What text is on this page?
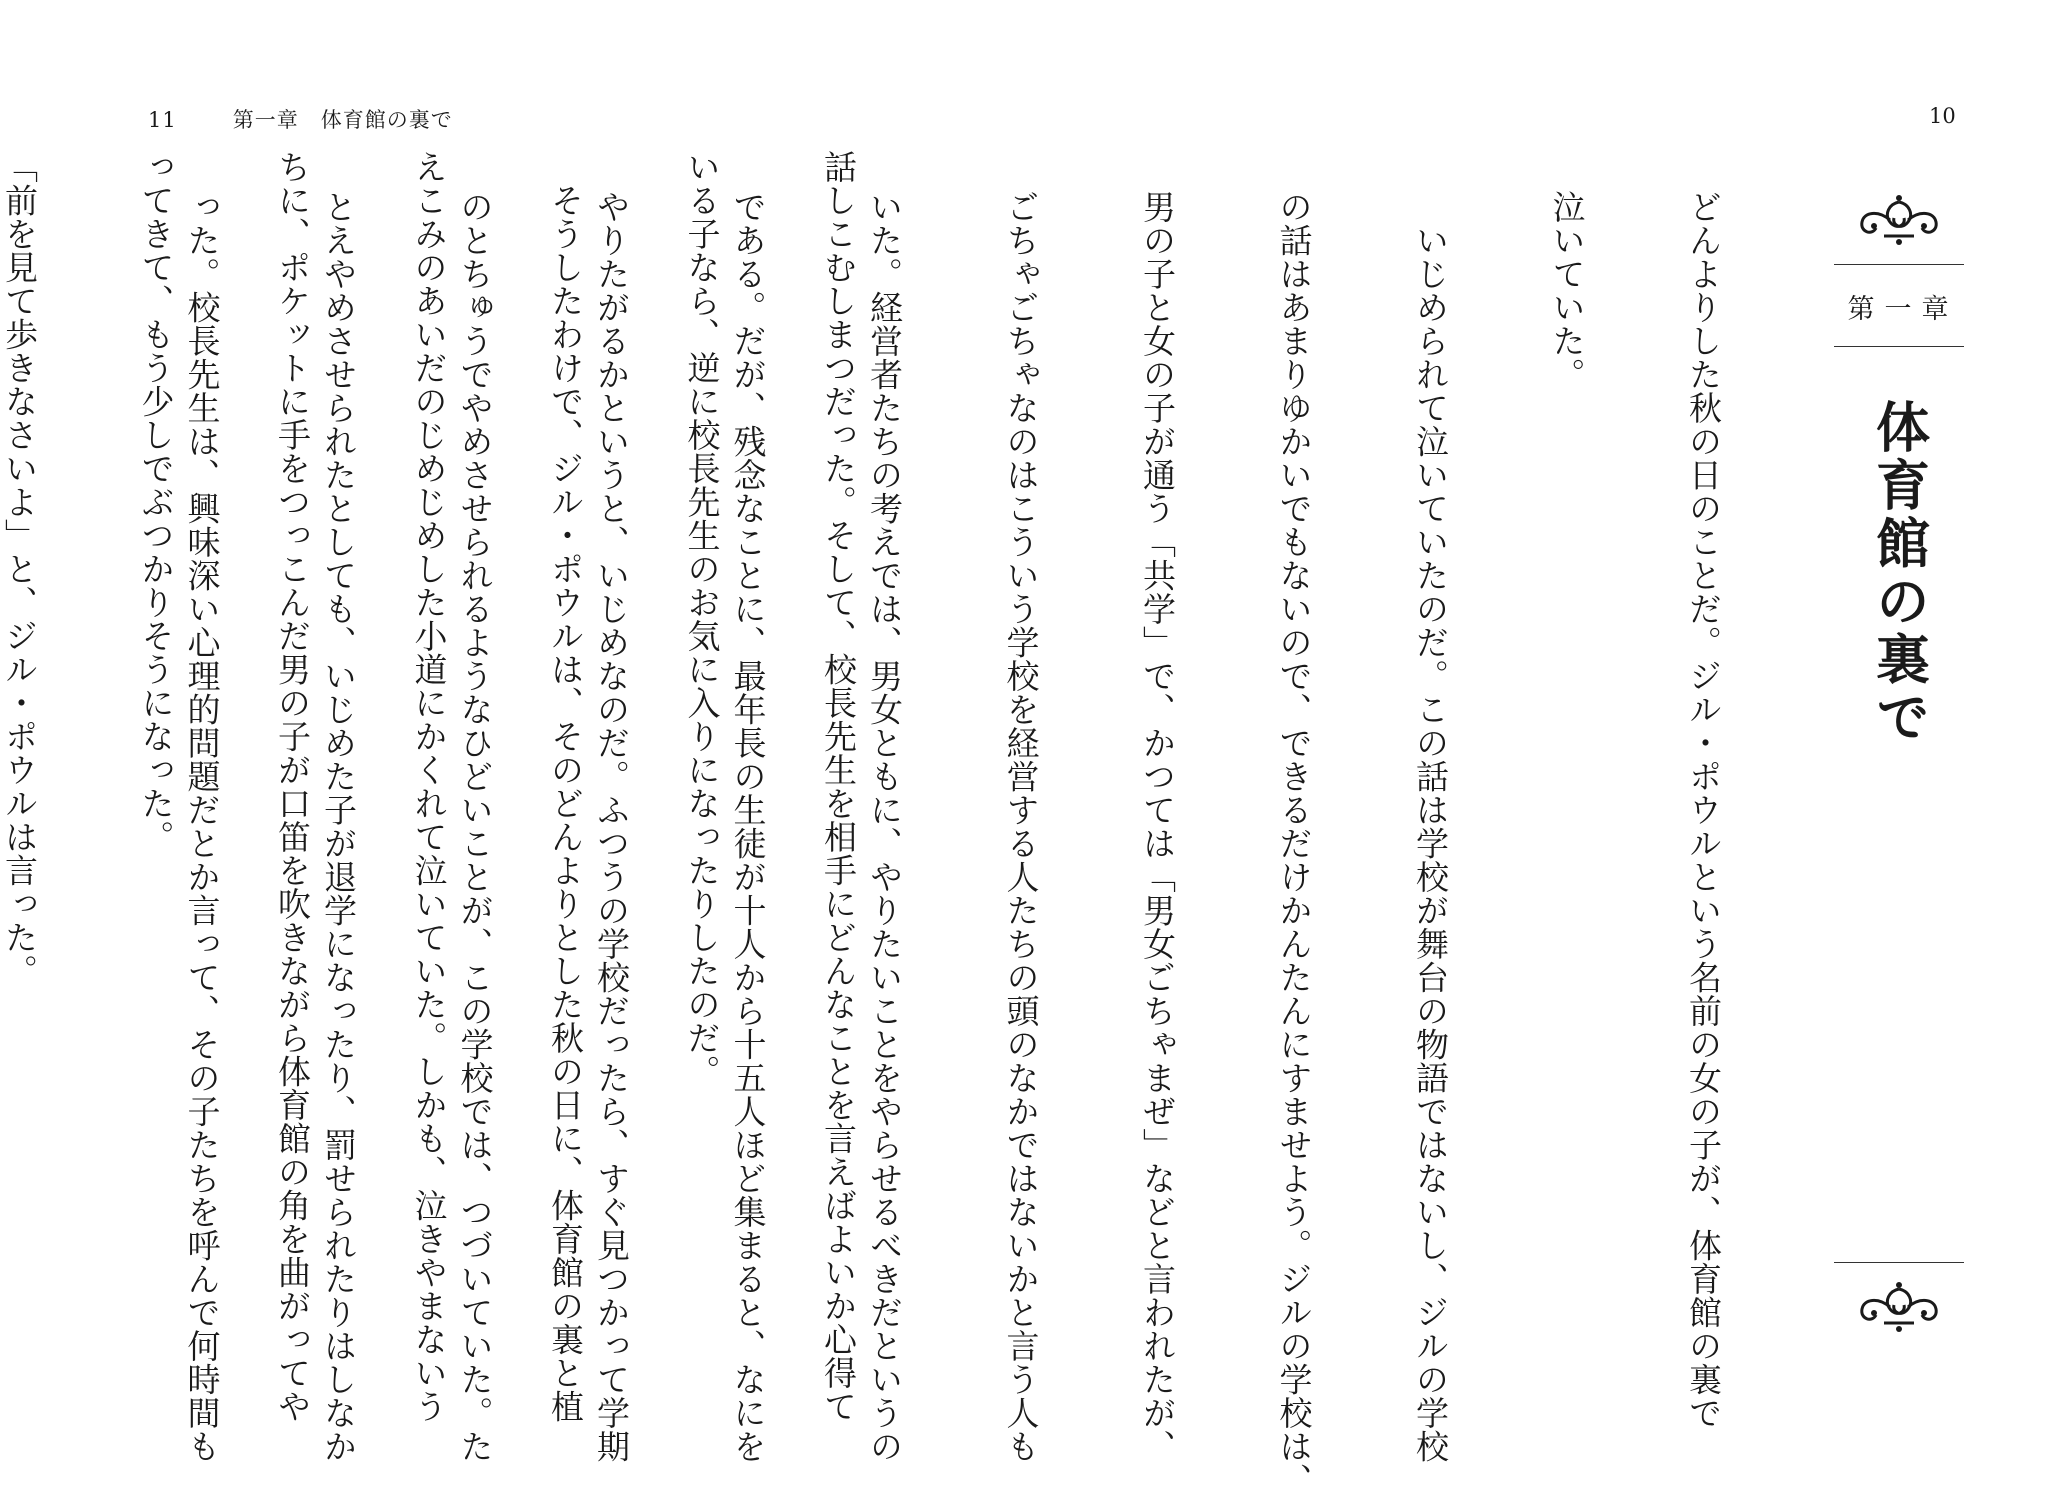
11	第一章　体育館の裏で

話しこむしまつだった。そして、校長先生を相手にどんなことを言えばよいか心得て

いる子なら、逆に校長先生のお気に入りになったりしたのだ。

　そうしたわけで、ジル・ポウルは、そのどんよりとした秋の日に、体育館の裏と植

えこみのあいだのじめじめした小道にかくれて泣いていた。しかも、泣きやまないう

ちに、ポケットに手をつっこんだ男の子が口笛を吹きながら体育館の角を曲がってや

ってきて、もう少しでぶつかりそうになった。

「前を見て歩きなさいよ」と、ジル・ポウルは言った。

10
第一章
体育館の裏で

どんよりした秋の日のことだ。ジル・ポウルという名前の女の子が、体育館の裏で

泣いていた。

　いじめられて泣いていたのだ。この話は学校が舞台の物語ではないし、ジルの学校

の話はあまりゆかいでもないので、できるだけかんたんにすませよう。ジルの学校は、

男の子と女の子が通う「共学」で、かつては「男女ごちゃまぜ」などと言われたが、

ごちゃごちゃなのはこういう学校を経営する人たちの頭のなかではないかと言う人も

いた。経営者たちの考えでは、男女ともに、やりたいことをやらせるべきだというの

である。だが、残念なことに、最年長の生徒が十人から十五人ほど集まると、なにを

やりたがるかというと、いじめなのだ。ふつうの学校だったら、すぐ見つかって学期

のとちゅうでやめさせられるようなひどいことが、この学校では、つづいていた。た

とえやめさせられたとしても、いじめた子が退学になったり、罰せられたりはしなか

った。校長先生は、興味深い心理的問題だとか言って、その子たちを呼んで何時間も
